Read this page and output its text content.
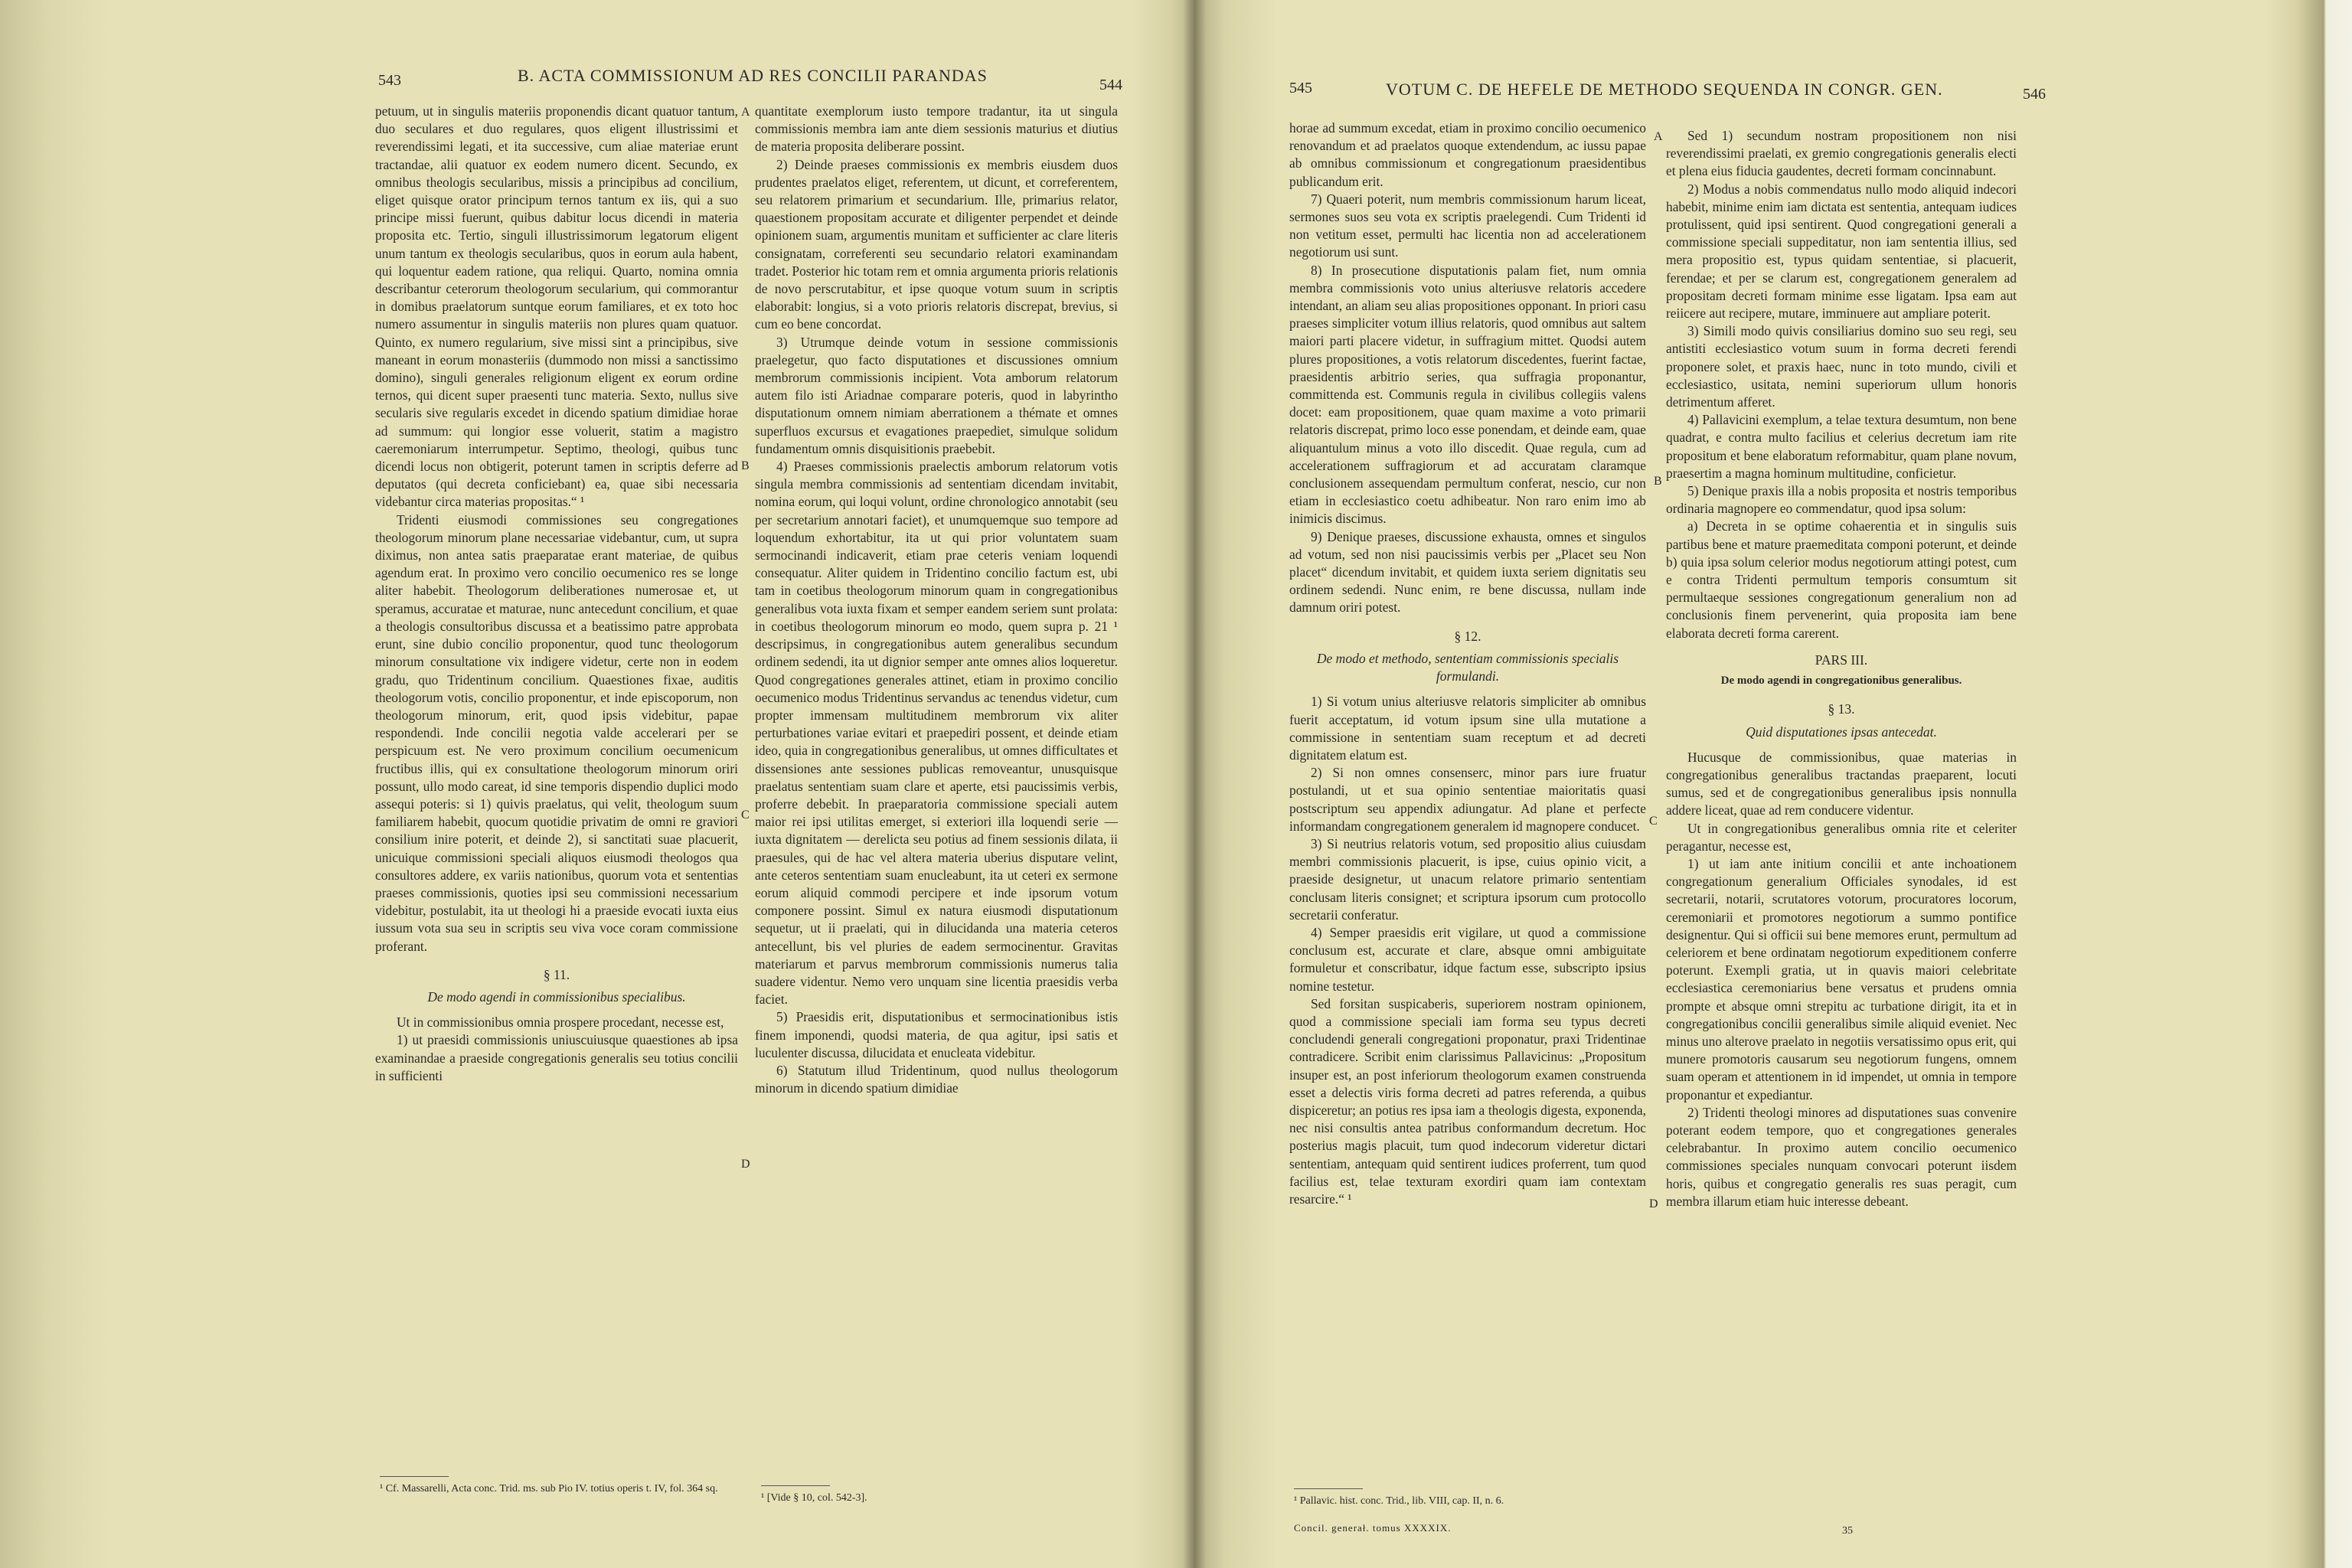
543	B. ACTA COMMISSIONUM AD RES CONCILII PARANDAS	544

petuum, ut in singulis materiis proponendis dicant quatuor tantum, duo seculares et duo regulares, quos eligent illustrissimi et reverendissimi legati, et ita successive, cum aliae materiae erunt tractandae, alii quatuor ex eodem numero dicent. Secundo, ex omnibus theologis secularibus, missis a principibus ad concilium, eliget quisque orator principum ternos tantum ex iis, qui a suo principe missi fuerunt, quibus dabitur locus dicendi in materia proposita etc. Tertio, singuli illustrissimorum legatorum eligent unum tantum ex theologis secularibus, quos in eorum aula habent, qui loquentur eadem ratione, qua reliqui. Quarto, nomina omnia describantur ceterorum theologorum secularium, qui commorantur in domibus praelatorum suntque eorum familiares, et ex toto hoc numero assumentur in singulis materiis non plures quam quatuor. Quinto, ex numero regularium, sive missi sint a principibus, sive maneant in eorum monasteriis (dummodo non missi a sanctissimo domino), singuli generales religionum eligent ex eorum ordine ternos, qui dicent super praesenti tunc materia. Sexto, nullus sive secularis sive regularis excedet in dicendo spatium dimidiae horae ad summum: qui longior esse voluerit, statim a magistro caeremoniarum interrumpetur. Septimo, theologi, quibus tunc dicendi locus non obtigerit, poterunt tamen in scriptis deferre ad deputatos (qui decreta conficiebant) ea, quae sibi necessaria videbantur circa materias propositas.“ ¹

Tridenti eiusmodi commissiones seu congregationes theologorum minorum plane necessariae videbantur, cum, ut supra diximus, non antea satis praeparatae erant materiae, de quibus agendum erat. In proximo vero concilio oecumenico res se longe aliter habebit. Theologorum deliberationes numerosae et, ut speramus, accuratae et maturae, nunc antecedunt concilium, et quae a theologis consultoribus discussa et a beatissimo patre approbata erunt, sine dubio concilio proponentur, quod tunc theologorum minorum consultatione vix indigere videtur, certe non in eodem gradu, quo Tridentinum concilium. Quaestiones fixae, auditis theologorum votis, concilio proponentur, et inde episcoporum, non theologorum minorum, erit, quod ipsis videbitur, papae respondendi. Inde concilii negotia valde accelerari per se perspicuum est. Ne vero proximum concilium oecumenicum fructibus illis, qui ex consultatione theologorum minorum oriri possunt, ullo modo careat, id sine temporis dispendio duplici modo assequi poteris: si 1) quivis praelatus, qui velit, theologum suum familiarem habebit, quocum quotidie privatim de omni re graviori consilium inire poterit, et deinde 2), si sanctitati suae placuerit, unicuique commissioni speciali aliquos eiusmodi theologos qua consultores addere, ex variis nationibus, quorum vota et sententias praeses commissionis, quoties ipsi seu commissioni necessarium videbitur, postulabit, ita ut theologi hi a praeside evocati iuxta eius iussum vota sua seu in scriptis seu viva voce coram commissione proferant.

§ 11.
De modo agendi in commissionibus specialibus.

Ut in commissionibus omnia prospere procedant, necesse est,

1) ut praesidi commissionis uniuscuiusque quaestiones ab ipsa examinandae a praeside congregationis generalis seu totius concilii in sufficienti

¹ Cf. Massarelli, Acta conc. Trid. ms. sub Pio IV. totius operis t. IV, fol. 364 sq.
A
B
C
D

quantitate exemplorum iusto tempore tradantur, ita ut singula commissionis membra iam ante diem sessionis maturius et diutius de materia proposita deliberare possint.

2) Deinde praeses commissionis ex membris eiusdem duos prudentes praelatos eliget, referentem, ut dicunt, et correferentem, seu relatorem primarium et secundarium. Ille, primarius relator, quaestionem propositam accurate et diligenter perpendet et deinde opinionem suam, argumentis munitam et sufficienter ac clare literis consignatam, correferenti seu secundario relatori examinandam tradet. Posterior hic totam rem et omnia argumenta prioris relationis de novo perscrutabitur, et ipse quoque votum suum in scriptis elaborabit: longius, si a voto prioris relatoris discrepat, brevius, si cum eo bene concordat.

3) Utrumque deinde votum in sessione commissionis praelegetur, quo facto disputationes et discussiones omnium membrorum commissionis incipient. Vota amborum relatorum autem filo isti Ariadnae comparare poteris, quod in labyrintho disputationum omnem nimiam aberrationem a thémate et omnes superfluos excursus et evagationes praepediet, simulque solidum fundamentum omnis disquisitionis praebebit.

4) Praeses commissionis praelectis amborum relatorum votis singula membra commissionis ad sententiam dicendam invitabit, nomina eorum, qui loqui volunt, ordine chronologico annotabit (seu per secretarium annotari faciet), et unumquemque suo tempore ad loquendum exhortabitur, ita ut qui prior voluntatem suam sermocinandi indicaverit, etiam prae ceteris veniam loquendi consequatur. Aliter quidem in Tridentino concilio factum est, ubi tam in coetibus theologorum minorum quam in congregationibus generalibus vota iuxta fixam et semper eandem seriem sunt prolata: in coetibus theologorum minorum eo modo, quem supra p. 21 ¹ descripsimus, in congregationibus autem generalibus secundum ordinem sedendi, ita ut dignior semper ante omnes alios loqueretur. Quod congregationes generales attinet, etiam in proximo concilio oecumenico modus Tridentinus servandus ac tenendus videtur, cum propter immensam multitudinem membrorum vix aliter perturbationes variae evitari et praepediri possent, et deinde etiam ideo, quia in congregationibus generalibus, ut omnes difficultates et dissensiones ante sessiones publicas removeantur, unusquisque praelatus sententiam suam clare et aperte, etsi paucissimis verbis, proferre debebit. In praeparatoria commissione speciali autem maior rei ipsi utilitas emerget, si exteriori illa loquendi serie — iuxta dignitatem — derelicta seu potius ad finem sessionis dilata, ii praesules, qui de hac vel altera materia uberius disputare velint, ante ceteros sententiam suam enucleabunt, ita ut ceteri ex sermone eorum aliquid commodi percipere et inde ipsorum votum componere possint. Simul ex natura eiusmodi disputationum sequetur, ut ii praelati, qui in dilucidanda una materia ceteros antecellunt, bis vel pluries de eadem sermocinentur. Gravitas materiarum et parvus membrorum commissionis numerus talia suadere videntur. Nemo vero unquam sine licentia praesidis verba faciet.

5) Praesidis erit, disputationibus et sermocinationibus istis finem imponendi, quodsi materia, de qua agitur, ipsi satis et luculenter discussa, dilucidata et enucleata videbitur.

6) Statutum illud Tridentinum, quod nullus theologorum minorum in dicendo spatium dimidiae

¹ [Vide § 10, col. 542-3].
545	VOTUM C. DE HEFELE DE METHODO SEQUENDA IN CONGR. GEN.	546

horae ad summum excedat, etiam in proximo concilio oecumenico renovandum et ad praelatos quoque extendendum, ac iussu papae ab omnibus commissionum et congregationum praesidentibus publicandum erit.

7) Quaeri poterit, num membris commissionum harum liceat, sermones suos seu vota ex scriptis praelegendi. Cum Tridenti id non vetitum esset, permulti hac licentia non ad accelerationem negotiorum usi sunt.

8) In prosecutione disputationis palam fiet, num omnia membra commissionis voto unius alteriusve relatoris accedere intendant, an aliam seu alias propositiones opponant. In priori casu praeses simpliciter votum illius relatoris, quod omnibus aut saltem maiori parti placere videtur, in suffragium mittet. Quodsi autem plures propositiones, a votis relatorum discedentes, fuerint factae, praesidentis arbitrio series, qua suffragia proponantur, committenda est. Communis regula in civilibus collegiis valens docet: eam propositionem, quae quam maxime a voto primarii relatoris discrepat, primo loco esse ponendam, et deinde eam, quae aliquantulum minus a voto illo discedit. Quae regula, cum ad accelerationem suffragiorum et ad accuratam claramque conclusionem assequendam permultum conferat, nescio, cur non etiam in ecclesiastico coetu adhibeatur. Non raro enim imo ab inimicis discimus.

9) Denique praeses, discussione exhausta, omnes et singulos ad votum, sed non nisi paucissimis verbis per „Placet seu Non placet“ dicendum invitabit, et quidem iuxta seriem dignitatis seu ordinem sedendi. Nunc enim, re bene discussa, nullam inde damnum oriri potest.

§ 12.
De modo et methodo, sententiam commissionis specialis formulandi.

1) Si votum unius alteriusve relatoris simpliciter ab omnibus fuerit acceptatum, id votum ipsum sine ulla mutatione a commissione in sententiam suam receptum et ad decreti dignitatem elatum est.

2) Si non omnes consenserc, minor pars iure fruatur postulandi, ut et sua opinio sententiae maioritatis quasi postscriptum seu appendix adiungatur. Ad plane et perfecte informandam congregationem generalem id magnopere conducet.

3) Si neutrius relatoris votum, sed propositio alius cuiusdam membri commissionis placuerit, is ipse, cuius opinio vicit, a praeside designetur, ut unacum relatore primario sententiam conclusam literis consignet; et scriptura ipsorum cum protocollo secretarii conferatur.

4) Semper praesidis erit vigilare, ut quod a commissione conclusum est, accurate et clare, absque omni ambiguitate formuletur et conscribatur, idque factum esse, subscripto ipsius nomine testetur.

Sed forsitan suspicaberis, superiorem nostram opinionem, quod a commissione speciali iam forma seu typus decreti concludendi generali congregationi proponatur, praxi Tridentinae contradicere. Scribit enim clarissimus Pallavicinus: „Propositum insuper est, an post inferiorum theologorum examen construenda esset a delectis viris forma decreti ad patres referenda, a quibus dispiceretur; an potius res ipsa iam a theologis digesta, exponenda, nec nisi consultis antea patribus conformandum decretum. Hoc posterius magis placuit, tum quod indecorum videretur dictari sententiam, antequam quid sentirent iudices proferrent, tum quod facilius est, telae texturam exordiri quam iam contextam resarcire.“ ¹

¹ Pallavic. hist. conc. Trid., lib. VIII, cap. II, n. 6.
Concil. generał. tomus XXXXIX.
A
B
C
D

Sed 1) secundum nostram propositionem non nisi reverendissimi praelati, ex gremio congregationis generalis electi et plena eius fiducia gaudentes, decreti formam concinnabunt.

2) Modus a nobis commendatus nullo modo aliquid indecori habebit, minime enim iam dictata est sententia, antequam iudices protulissent, quid ipsi sentirent. Quod congregationi generali a commissione speciali suppeditatur, non iam sententia illius, sed mera propositio est, typus quidam sententiae, si placuerit, ferendae; et per se clarum est, congregationem generalem ad propositam decreti formam minime esse ligatam. Ipsa eam aut reiicere aut recipere, mutare, imminuere aut ampliare poterit.

3) Simili modo quivis consiliarius domino suo seu regi, seu antistiti ecclesiastico votum suum in forma decreti ferendi proponere solet, et praxis haec, nunc in toto mundo, civili et ecclesiastico, usitata, nemini superiorum ullum honoris detrimentum afferet.

4) Pallavicini exemplum, a telae textura desumtum, non bene quadrat, e contra multo facilius et celerius decretum iam rite propositum et bene elaboratum reformabitur, quam plane novum, praesertim a magna hominum multitudine, conficietur.

5) Denique praxis illa a nobis proposita et nostris temporibus ordinaria magnopere eo commendatur, quod ipsa solum:

a) Decreta in se optime cohaerentia et in singulis suis partibus bene et mature praemeditata componi poterunt, et deinde b) quia ipsa solum celerior modus negotiorum attingi potest, cum e contra Tridenti permultum temporis consumtum sit permultaeque sessiones congregationum generalium non ad conclusionis finem pervenerint, quia proposita iam bene elaborata decreti forma carerent.

PARS III.
De modo agendi in congregationibus generalibus.
§ 13.
Quid disputationes ipsas antecedat.

Hucusque de commissionibus, quae materias in congregationibus generalibus tractandas praeparent, locuti sumus, sed et de congregationibus generalibus ipsis nonnulla addere liceat, quae ad rem conducere videntur.

Ut in congregationibus generalibus omnia rite et celeriter peragantur, necesse est,

1) ut iam ante initium concilii et ante inchoationem congregationum generalium Officiales synodales, id est secretarii, notarii, scrutatores votorum, procuratores locorum, ceremoniarii et promotores negotiorum a summo pontifice designentur. Qui si officii sui bene memores erunt, permultum ad celeriorem et bene ordinatam negotiorum expeditionem conferre poterunt. Exempli gratia, ut in quavis maiori celebritate ecclesiastica ceremoniarius bene versatus et prudens omnia prompte et absque omni strepitu ac turbatione dirigit, ita et in congregationibus concilii generalibus simile aliquid eveniet. Nec minus uno alterove praelato in negotiis versatissimo opus erit, qui munere promotoris causarum seu negotiorum fungens, omnem suam operam et attentionem in id impendet, ut omnia in tempore proponantur et expediantur.

2) Tridenti theologi minores ad disputationes suas convenire poterant eodem tempore, quo et congregationes generales celebrabantur. In proximo autem concilio oecumenico commissiones speciales nunquam convocari poterunt iisdem horis, quibus et congregatio generalis res suas peragit, cum membra illarum etiam huic interesse debeant.

35
